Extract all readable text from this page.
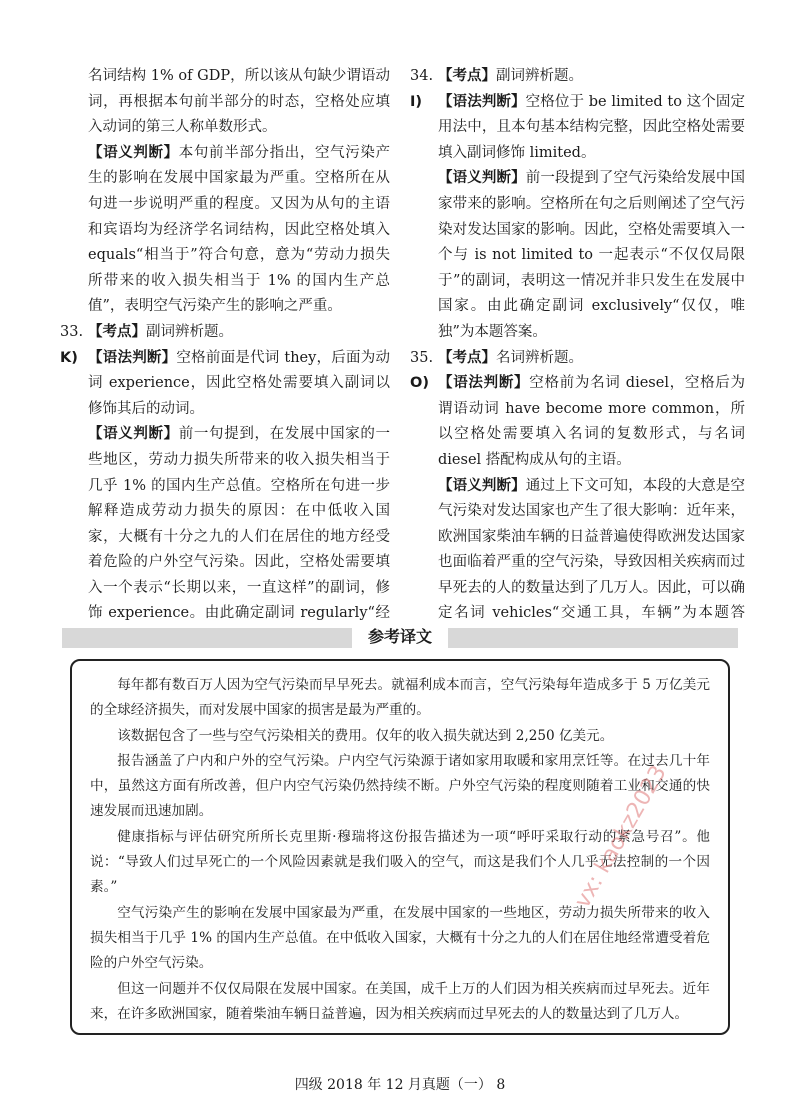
名词结构 1% of GDP，所以该从句缺少谓语动词，再根据本句前半部分的时态，空格处应填入动词的第三人称单数形式。

【语义判断】本句前半部分指出，空气污染产生的影响在发展中国家最为严重。空格所在从句进一步说明严重的程度。又因为从句的主语和宾语均为经济学名词结构，因此空格处填入 equals“相当于”符合句意，意为“劳动力损失所带来的收入损失相当于 1% 的国内生产总值”，表明空气污染产生的影响之严重。

33. 【考点】副词辨析题。

K) 【语法判断】空格前面是代词 they，后面为动词 experience，因此空格处需要填入副词以修饰其后的动词。

【语义判断】前一句提到，在发展中国家的一些地区，劳动力损失所带来的收入损失相当于几乎 1% 的国内生产总值。空格所在句进一步解释造成劳动力损失的原因：在中低收入国家，大概有十分之九的人们在居住的地方经受着危险的户外空气污染。因此，空格处需要填入一个表示“长期以来，一直这样”的副词，修饰 experience。由此确定副词 regularly“经

34. 【考点】副词辨析题。

I) 【语法判断】空格位于 be limited to 这个固定用法中，且本句基本结构完整，因此空格处需要填入副词修饰 limited。

【语义判断】前一段提到了空气污染给发展中国家带来的影响。空格所在句之后则阐述了空气污染对发达国家的影响。因此，空格处需要填入一个与 is not limited to 一起表示“不仅仅局限于”的副词，表明这一情况并非只发生在发展中国家。由此确定副词 exclusively“仅仅，唯独”为本题答案。

35. 【考点】名词辨析题。

O) 【语法判断】空格前为名词 diesel，空格后为谓语动词 have become more common，所以空格处需要填入名词的复数形式，与名词 diesel 搭配构成从句的主语。

【语义判断】通过上下文可知，本段的大意是空气污染对发达国家也产生了很大影响：近年来，欧洲国家柴油车辆的日益普遍使得欧洲发达国家也面临着严重的空气污染，导致因相关疾病而过早死去的人的数量达到了几万人。因此，可以确定名词 vehicles“交通工具，车辆”为本题答

参考译文

每年都有数百万人因为空气污染而早早死去。就福利成本而言，空气污染每年造成多于 5 万亿美元的全球经济损失，而对发展中国家的损害是最为严重的。

该数据包含了一些与空气污染相关的费用。仅年的收入损失就达到 2,250 亿美元。

报告涵盖了户内和户外的空气污染。户内空气污染源于诸如家用取暖和家用烹饪等。在过去几十年中，虽然这方面有所改善，但户内空气污染仍然持续不断。户外空气污染的程度则随着工业和交通的快速发展而迅速加剧。

健康指标与评估研究所所长克里斯·穆瑞将这份报告描述为一项“呼吁采取行动的紧急号召”。他说：“导致人们过早死亡的一个风险因素就是我们吸入的空气，而这是我们个人几乎无法控制的一个因素。”

空气污染产生的影响在发展中国家最为严重，在发展中国家的一些地区，劳动力损失所带来的收入损失相当于几乎 1% 的国内生产总值。在中低收入国家，大概有十分之九的人们在居住地经常遭受着危险的户外空气污染。

但这一问题并不仅仅局限在发展中国家。在美国，成千上万的人们因为相关疾病而过早死去。近年来，在许多欧洲国家，随着柴油车辆日益普遍，因为相关疾病而过早死去的人的数量达到了几万人。

vx: kaokz2023
四级 2018 年 12 月真题（一） 8
